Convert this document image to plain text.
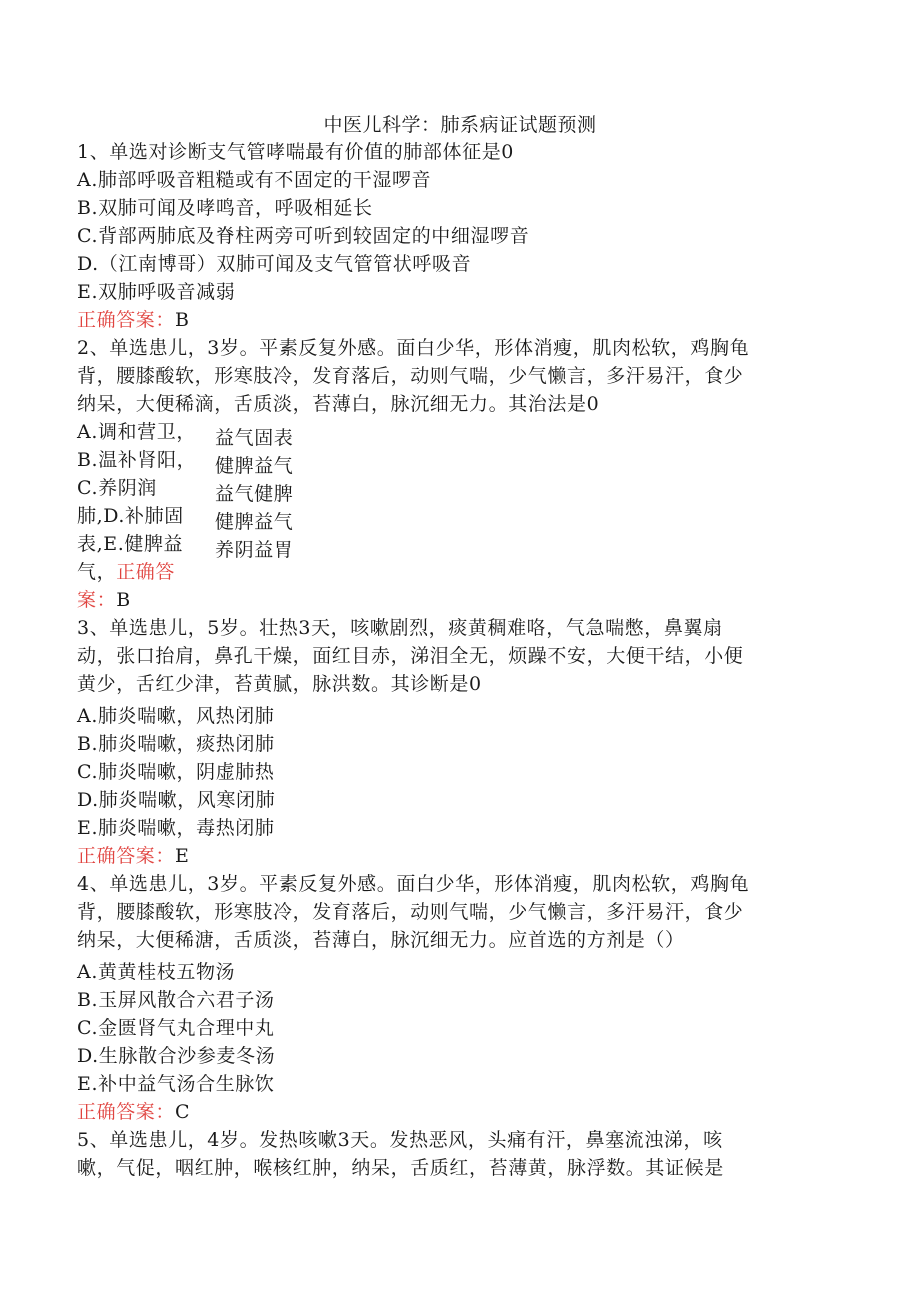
中医儿科学：肺系病证试题预测
1、单选对诊断支气管哮喘最有价值的肺部体征是0
A.肺部呼吸音粗糙或有不固定的干湿啰音
B.双肺可闻及哮鸣音，呼吸相延长
C.背部两肺底及脊柱两旁可听到较固定的中细湿啰音
D.（江南博哥）双肺可闻及支气管管状呼吸音
E.双肺呼吸音减弱
正确答案：B
2、单选患儿，3岁。平素反复外感。面白少华，形体消瘦，肌肉松软，鸡胸龟
背，腰膝酸软，形寒肢冷，发育落后，动则气喘，少气懒言，多汗易汗，食少
纳呆，大便稀滴，舌质淡，苔薄白，脉沉细无力。其治法是0
A.调和营卫，
B.温补肾阳，
C.养阴润
肺,D.补肺固
表,E.健脾益
气，正确答
案：B
益气固表
健脾益气
益气健脾
健脾益气
养阴益胃
3、单选患儿，5岁。壮热3天，咳嗽剧烈，痰黄稠难咯，气急喘憋，鼻翼扇
动，张口抬肩，鼻孔干燥，面红目赤，涕泪全无，烦躁不安，大便干结，小便
黄少，舌红少津，苔黄腻，脉洪数。其诊断是0
A.肺炎喘嗽，风热闭肺
B.肺炎喘嗽，痰热闭肺
C.肺炎喘嗽，阴虚肺热
D.肺炎喘嗽，风寒闭肺
E.肺炎喘嗽，毒热闭肺
正确答案：E
4、单选患儿，3岁。平素反复外感。面白少华，形体消瘦，肌肉松软，鸡胸龟
背，腰膝酸软，形寒肢冷，发育落后，动则气喘，少气懒言，多汗易汗，食少
纳呆，大便稀溏，舌质淡，苔薄白，脉沉细无力。应首选的方剂是（）
A.黄黄桂枝五物汤
B.玉屏风散合六君子汤
C.金匮肾气丸合理中丸
D.生脉散合沙参麦冬汤
E.补中益气汤合生脉饮
正确答案：C
5、单选患儿，4岁。发热咳嗽3天。发热恶风，头痛有汗，鼻塞流浊涕，咳
嗽，气促，咽红肿，喉核红肿，纳呆，舌质红，苔薄黄，脉浮数。其证候是
